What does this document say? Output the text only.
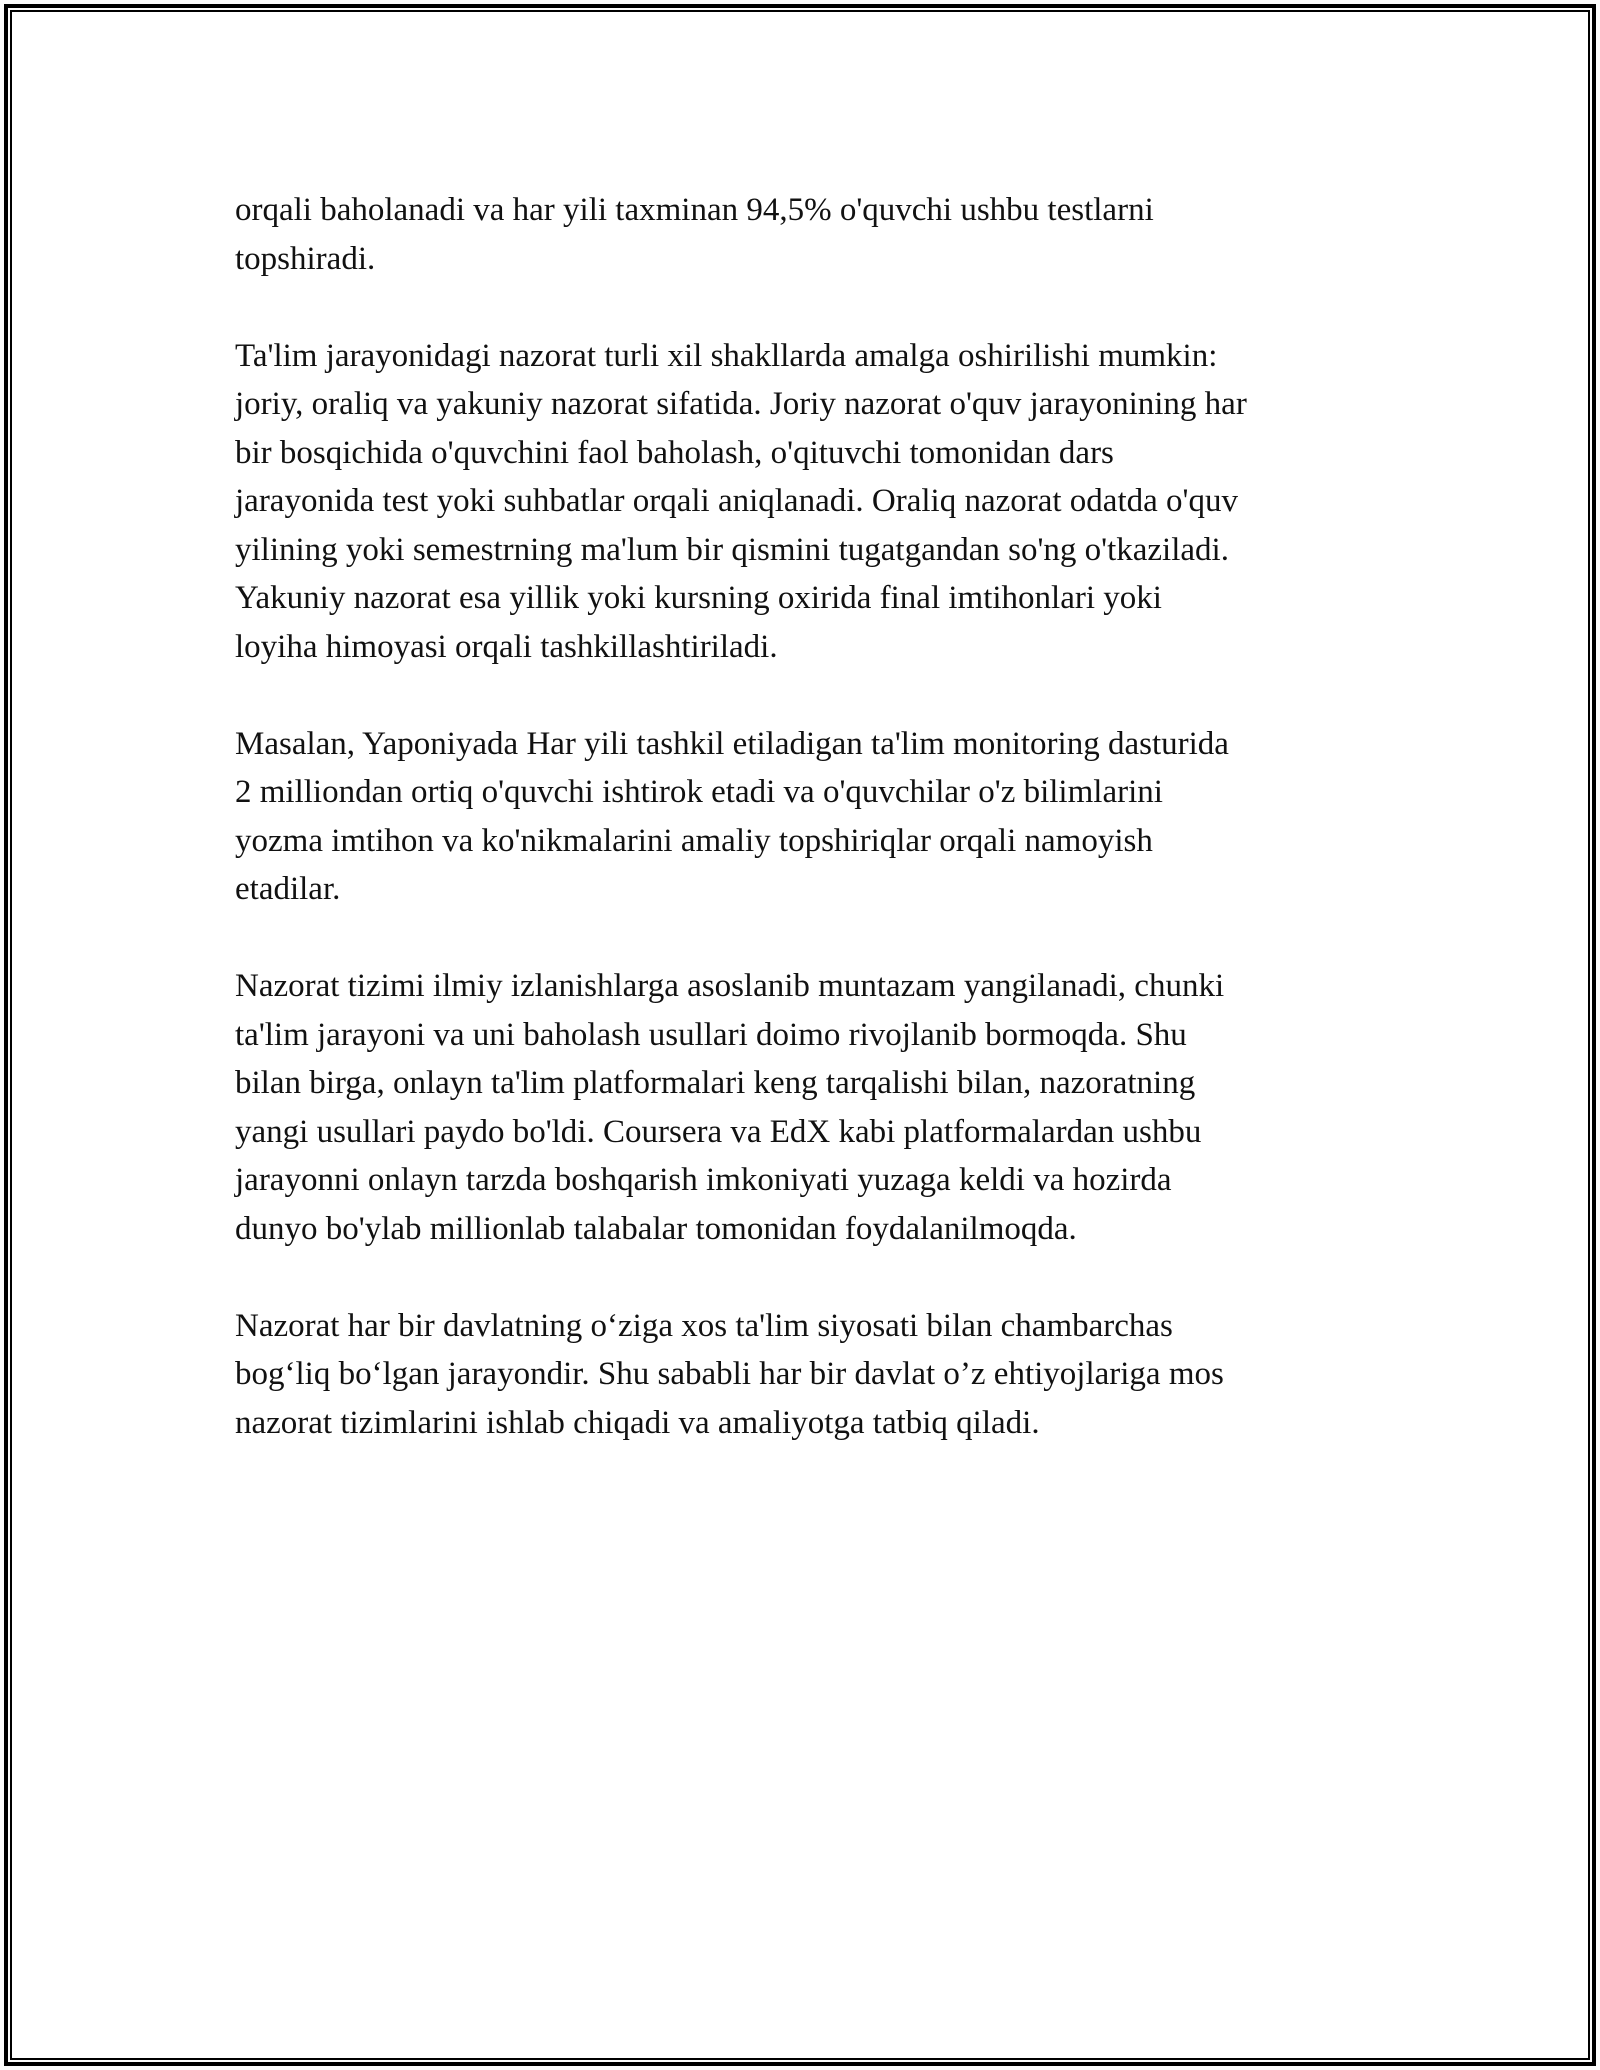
orqali baholanadi va har yili taxminan 94,5% o'quvchi ushbu testlarni
topshiradi.

Ta'lim jarayonidagi nazorat turli xil shakllarda amalga oshirilishi mumkin:
joriy, oraliq va yakuniy nazorat sifatida. Joriy nazorat o'quv jarayonining har
bir bosqichida o'quvchini faol baholash, o'qituvchi tomonidan dars
jarayonida test yoki suhbatlar orqali aniqlanadi. Oraliq nazorat odatda o'quv
yilining yoki semestrning ma'lum bir qismini tugatgandan so'ng o'tkaziladi.
Yakuniy nazorat esa yillik yoki kursning oxirida final imtihonlari yoki
loyiha himoyasi orqali tashkillashtiriladi.

Masalan, Yaponiyada Har yili tashkil etiladigan ta'lim monitoring dasturida
2 milliondan ortiq o'quvchi ishtirok etadi va o'quvchilar o'z bilimlarini
yozma imtihon va ko'nikmalarini amaliy topshiriqlar orqali namoyish
etadilar.

Nazorat tizimi ilmiy izlanishlarga asoslanib muntazam yangilanadi, chunki
ta'lim jarayoni va uni baholash usullari doimo rivojlanib bormoqda. Shu
bilan birga, onlayn ta'lim platformalari keng tarqalishi bilan, nazoratning
yangi usullari paydo bo'ldi. Coursera va EdX kabi platformalardan ushbu
jarayonni onlayn tarzda boshqarish imkoniyati yuzaga keldi va hozirda
dunyo bo'ylab millionlab talabalar tomonidan foydalanilmoqda.

Nazorat har bir davlatning o‘ziga xos ta'lim siyosati bilan chambarchas
bog‘liq bo‘lgan jarayondir. Shu sababli har bir davlat o’z ehtiyojlariga mos
nazorat tizimlarini ishlab chiqadi va amaliyotga tatbiq qiladi.
